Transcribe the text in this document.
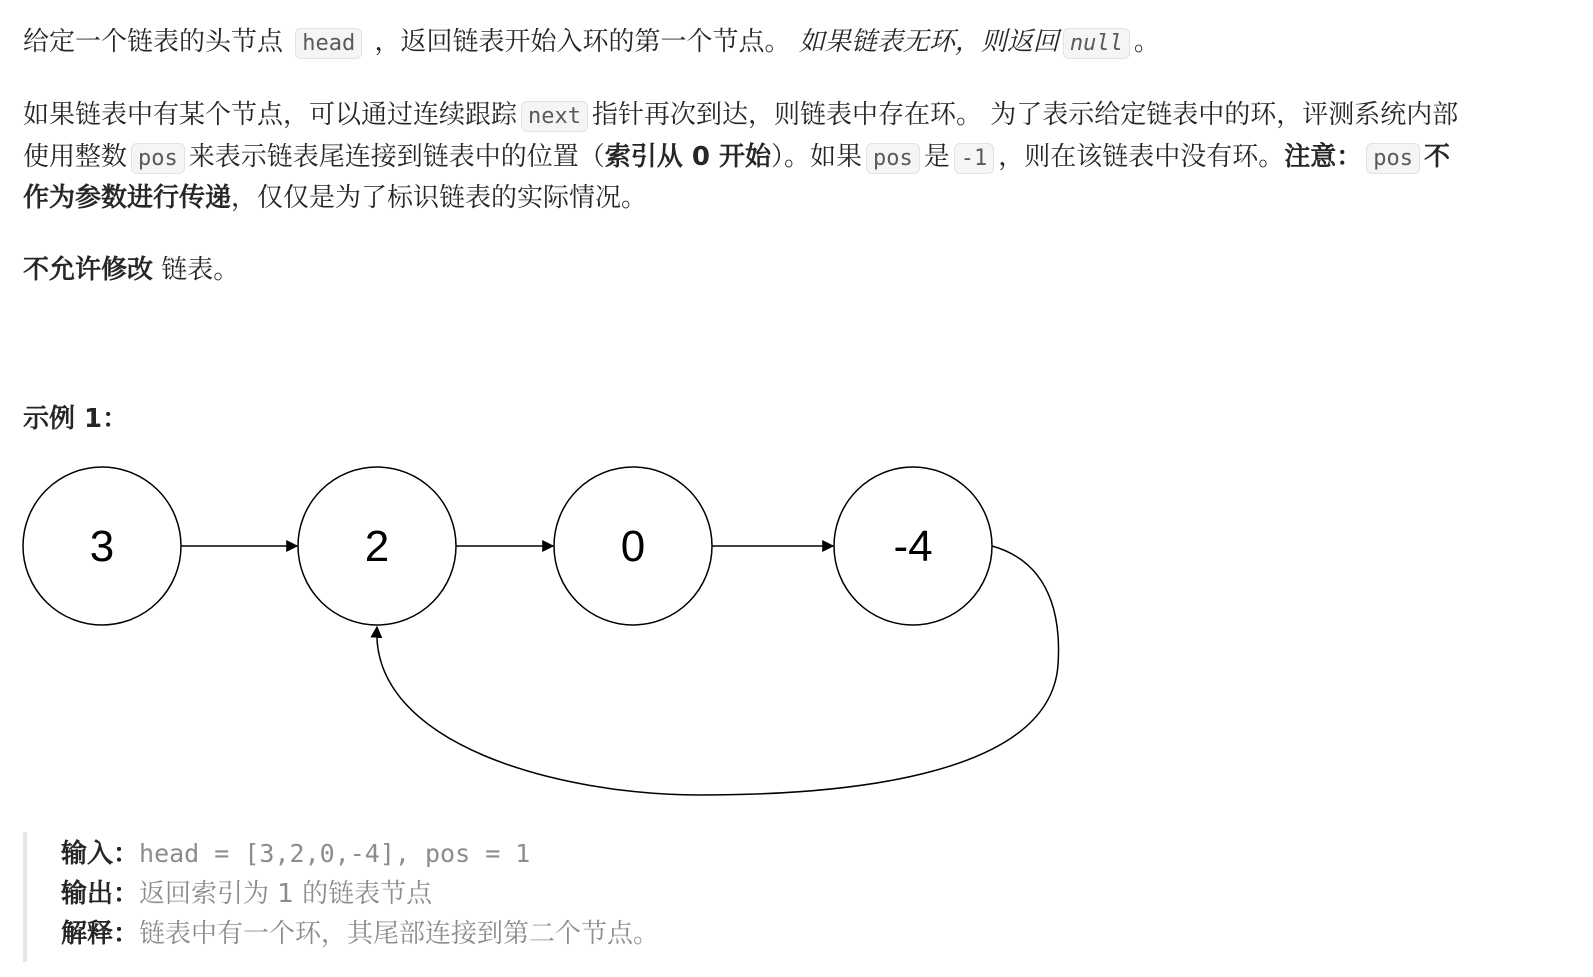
给定一个链表的头节点 head ，返回链表开始入环的第一个节点。 如果链表无环，则返回 null 。
如果链表中有某个节点，可以通过连续跟踪 next 指针再次到达，则链表中存在环。 为了表示给定链表中的环，评测系统内部
使用整数 pos 来表示链表尾连接到链表中的位置（索引从 0 开始）。如果 pos 是 -1 ，则在该链表中没有环。注意： pos 不
作为参数进行传递，仅仅是为了标识链表的实际情况。
不允许修改 链表。
示例 1：
3	2	0	-4
输入：head = [3,2,0,-4], pos = 1
输出：返回索引为 1 的链表节点
解释：链表中有一个环，其尾部连接到第二个节点。
